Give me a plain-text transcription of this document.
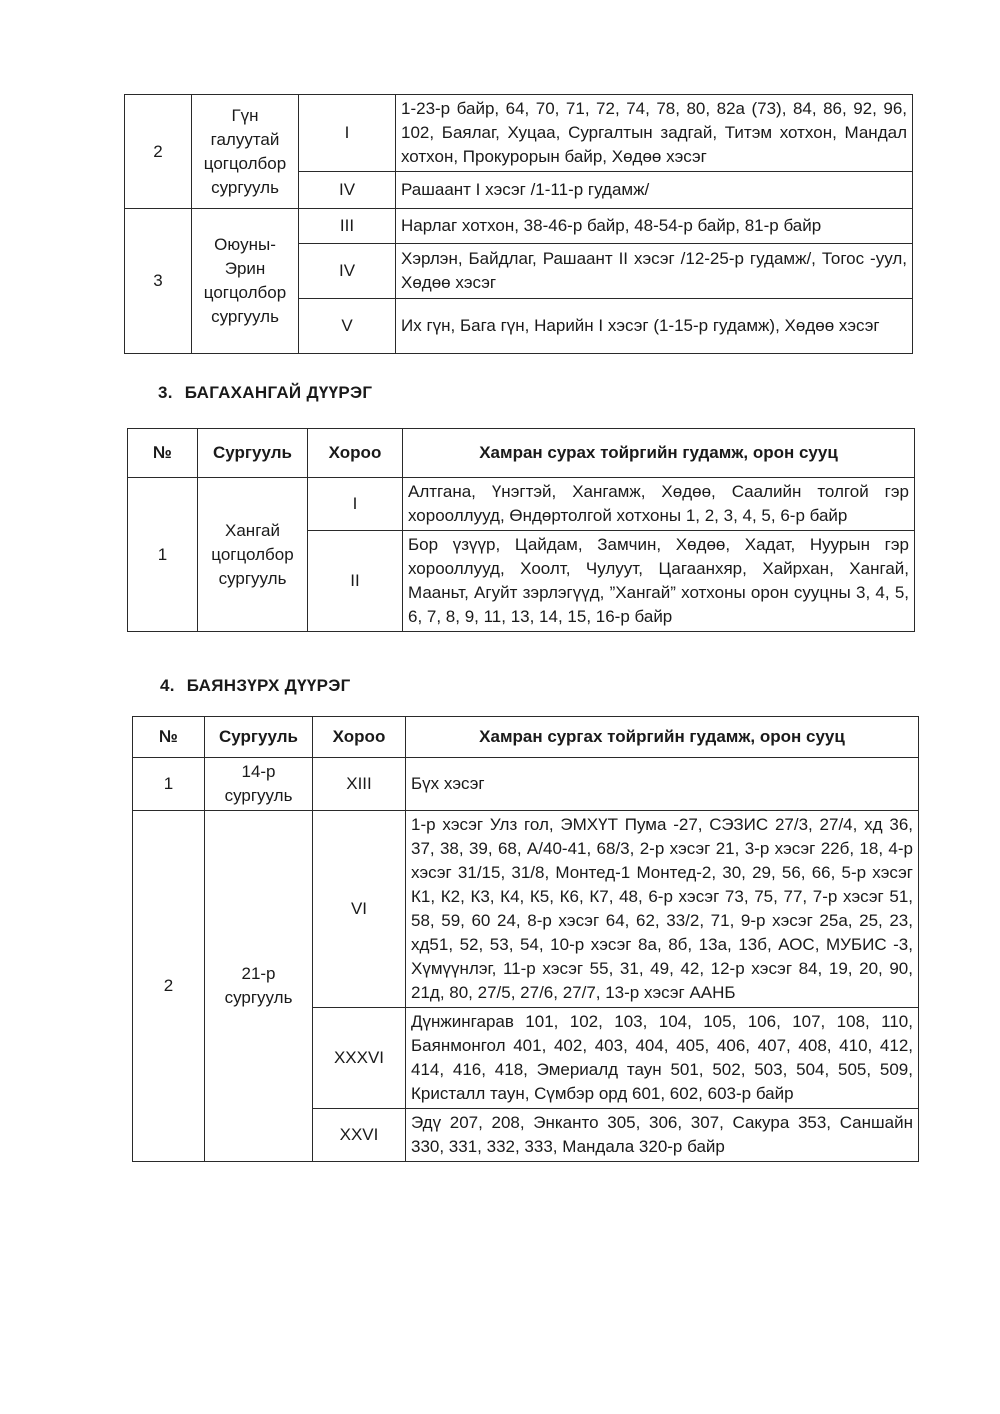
2	Гүн галуутай цогцолбор сургууль	I	1-23-р байр, 64, 70, 71, 72, 74, 78, 80, 82а (73), 84, 86, 92, 96, 102, Баялаг, Хуцаа, Сургалтын задгай, Титэм хотхон, Мандал хотхон, Прокурорын байр, Хөдөө хэсэг
		IV	Рашаант I хэсэг /1-11-р гудамж/
3	Оюуны-Эрин цогцолбор сургууль	III	Нарлаг хотхон, 38-46-р байр, 48-54-р байр, 81-р байр
		IV	Хэрлэн, Байдлаг, Рашаант II хэсэг /12-25-р гудамж/, Тогос -уул, Хөдөө хэсэг
		V	Их гүн, Бага гүн, Нарийн I хэсэг (1-15-р гудамж), Хөдөө хэсэг
3. БАГАХАНГАЙ ДҮҮРЭГ
№	Сургууль	Хороо	Хамран сурах тойргийн гудамж, орон сууц
1	Хангай цогцолбор сургууль	I	Алтгана, Үнэгтэй, Хангамж, Хөдөө, Саалийн толгой гэр хорооллууд, Өндөртолгой хотхоны 1, 2, 3, 4, 5, 6-р байр
		II	Бор үзүүр, Цайдам, Замчин, Хөдөө, Хадат, Нуурын гэр хорооллууд, Хоолт, Чулуут, Цагаанхяр, Хайрхан, Хангай, Мааньт, Агуйт зэрлэгүүд, ”Хангай” хотхоны орон сууцны 3, 4, 5, 6, 7, 8, 9, 11, 13, 14, 15, 16-р байр
4. БАЯНЗҮРХ ДҮҮРЭГ
№	Сургууль	Хороо	Хамран сургах тойргийн гудамж, орон сууц
1	14-р сургууль	XIII	Бүх хэсэг
2	21-р сургууль	VI	1-р хэсэг Улз гол, ЭМХҮТ Пума -27, СЭЗИС 27/3, 27/4, хд 36, 37, 38, 39, 68, А/40-41, 68/3, 2-р хэсэг 21, 3-р хэсэг 22б, 18, 4-р хэсэг 31/15, 31/8, Монтед-1 Монтед-2, 30, 29, 56, 66, 5-р хэсэг К1, К2, К3, К4, К5, К6, К7, 48, 6-р хэсэг 73, 75, 77, 7-р хэсэг 51, 58, 59, 60 24, 8-р хэсэг 64, 62, 33/2, 71, 9-р хэсэг 25а, 25, 23, хд51, 52, 53, 54, 10-р хэсэг 8а, 8б, 13а, 13б, АОС, МУБИС -3, Хүмүүнлэг, 11-р хэсэг 55, 31, 49, 42, 12-р хэсэг 84, 19, 20, 90, 21д, 80, 27/5, 27/6, 27/7, 13-р хэсэг ААНБ
		XXXVI	Дүнжингарав 101, 102, 103, 104, 105, 106, 107, 108, 110, Баянмонгол 401, 402, 403, 404, 405, 406, 407, 408, 410, 412, 414, 416, 418, Эмериалд таун 501, 502, 503, 504, 505, 509, Кристалл таун, Сүмбэр орд 601, 602, 603-р байр
		XXVI	Эдү 207, 208, Энканто 305, 306, 307, Сакура 353, Саншайн 330, 331, 332, 333, Мандала 320-р байр
